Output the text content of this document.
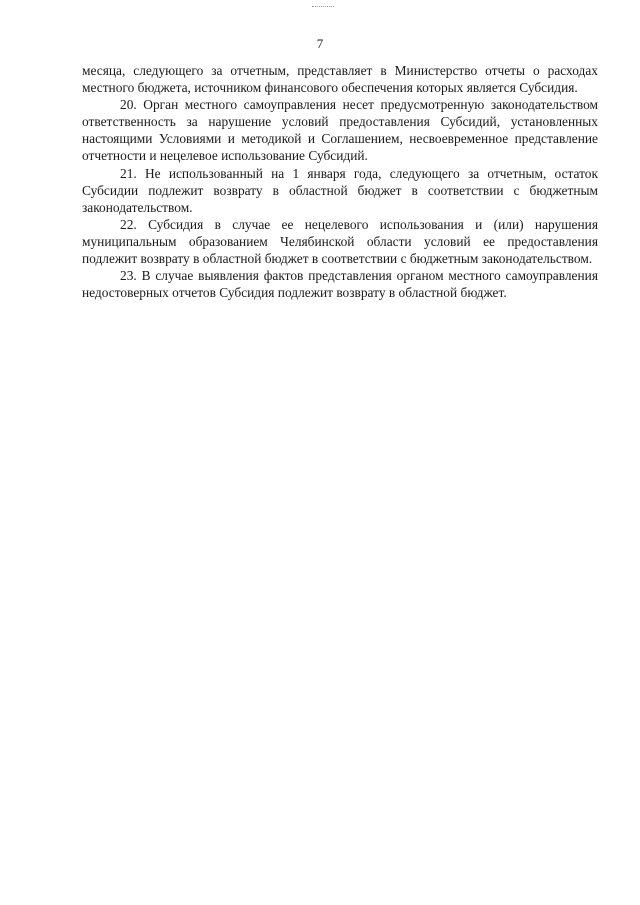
7

месяца, следующего за отчетным, представляет в Министерство отчеты о расходах местного бюджета, источником финансового обеспечения которых является Субсидия.

20. Орган местного самоуправления несет предусмотренную законодательством ответственность за нарушение условий предоставления Субсидий, установленных настоящими Условиями и методикой и Соглашением, несвоевременное представление отчетности и нецелевое использование Субсидий.

21. Не использованный на 1 января года, следующего за отчетным, остаток Субсидии подлежит возврату в областной бюджет в соответствии с бюджетным законодательством.

22. Субсидия в случае ее нецелевого использования и (или) нарушения муниципальным образованием Челябинской области условий ее предоставления подлежит возврату в областной бюджет в соответствии с бюджетным законодательством.

23. В случае выявления фактов представления органом местного самоуправления недостоверных отчетов Субсидия подлежит возврату в областной бюджет.
